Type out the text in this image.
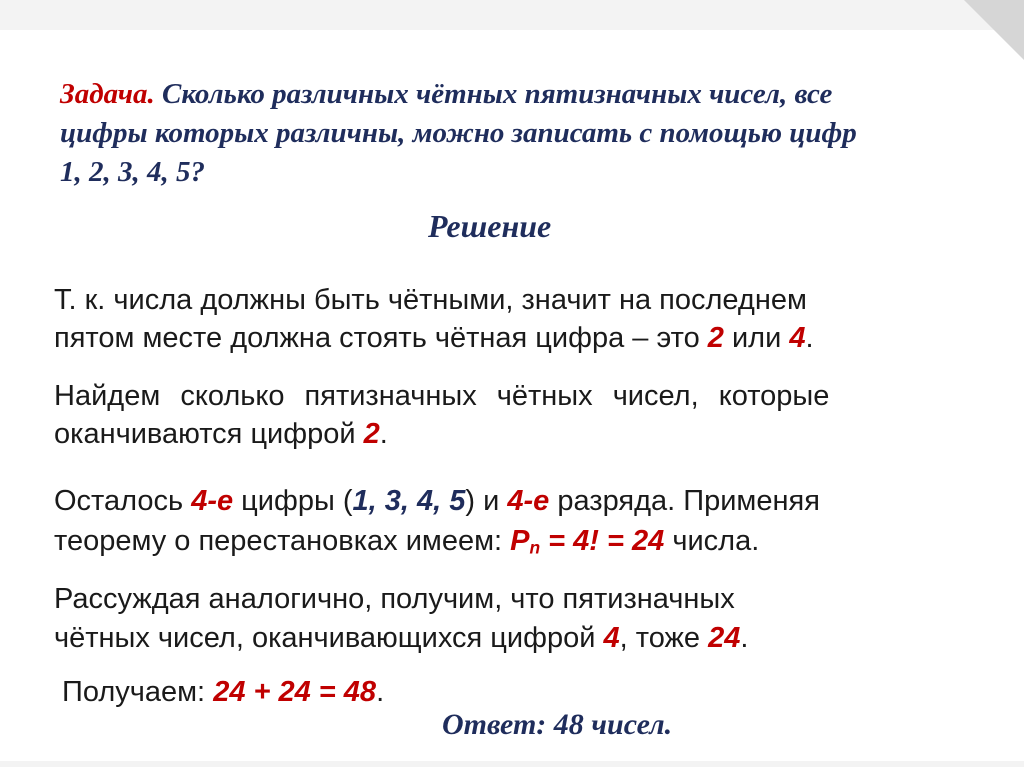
Задача. Сколько различных чётных пятизначных чисел, все
цифры которых различны, можно записать с помощью цифр
1, 2, 3, 4, 5?
Решение
Т. к. числа должны быть чётными, значит на последнем
пятом месте должна стоять чётная цифра – это 2 или 4.
Найдем сколько пятизначных чётных чисел, которые
оканчиваются цифрой 2.
Осталось 4-е цифры (1, 3, 4, 5) и 4-е разряда. Применяя
теорему о перестановках имеем: $P_n = 4$! = 24 числа.
Рассуждая аналогично, получим, что пятизначных
чётных чисел, оканчивающихся цифрой 4, тоже 24.
Получаем: 24 + 24 = 48.
Ответ: 48 чисел.
